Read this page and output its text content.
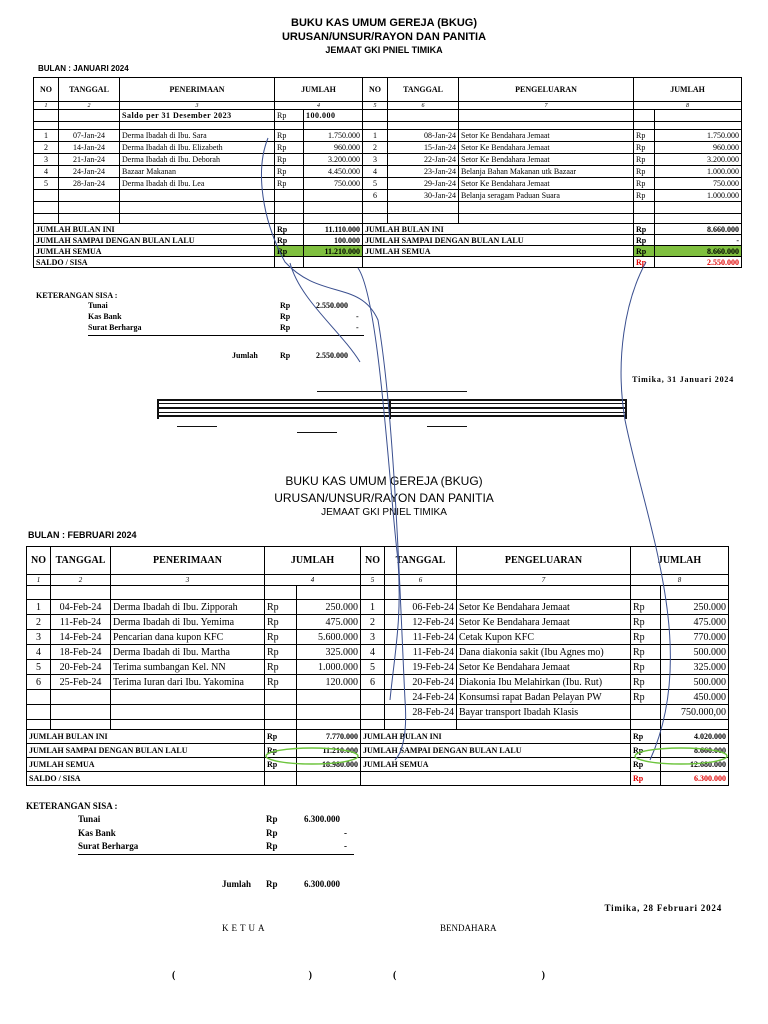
BUKU KAS UMUM GEREJA (BKUG)
URUSAN/UNSUR/RAYON DAN PANITIA
JEMAAT GKI PNIEL TIMIKA
BULAN : JANUARI 2024
NO	TANGGAL	PENERIMAAN	JUMLAH		NO	TANGGAL	PENGELUARAN	JUMLAH	
1	2	3	4		5	6	7	8	
		Saldo per 31 Desember 2023	Rp	100.000					

1	07-Jan-24	Derma Ibadah di Ibu. Sara	Rp	1.750.000	1	08-Jan-24	Setor Ke Bendahara Jemaat	Rp	1.750.000
2	14-Jan-24	Derma Ibadah di Ibu. Elizabeth	Rp	960.000	2	15-Jan-24	Setor Ke Bendahara Jemaat	Rp	960.000
3	21-Jan-24	Derma Ibadah di Ibu. Deborah	Rp	3.200.000	3	22-Jan-24	Setor Ke Bendahara Jemaat	Rp	3.200.000
4	24-Jan-24	Bazaar Makanan	Rp	4.450.000	4	23-Jan-24	Belanja Bahan Makanan utk Bazaar	Rp	1.000.000
5	28-Jan-24	Derma Ibadah di Ibu. Lea	Rp	750.000	5	29-Jan-24	Setor Ke Bendahara Jemaat	Rp	750.000
					6	30-Jan-24	Belanja seragam Paduan Suara	Rp	1.000.000

JUMLAH BULAN INI			Rp	11.110.000	JUMLAH BULAN INI			Rp	8.660.000
JUMLAH SAMPAI DENGAN BULAN LALU			Rp	100.000	JUMLAH SAMPAI DENGAN BULAN LALU			Rp	-
JUMLAH SEMUA			Rp	11.210.000	JUMLAH SEMUA			Rp	8.660.000
SALDO / SISA								Rp	2.550.000
KETERANGAN SISA :
Tunai	Rp	2.550.000
Kas Bank	Rp	-
Surat Berharga	Rp	-
Jumlah	Rp	2.550.000
Timika, 31 Januari 2024
BUKU KAS UMUM GEREJA (BKUG)
URUSAN/UNSUR/RAYON DAN PANITIA
JEMAAT GKI PNIEL TIMIKA
BULAN : FEBRUARI 2024
NO	TANGGAL	PENERIMAAN	JUMLAH		NO	TANGGAL	PENGELUARAN	JUMLAH	
1	2	3	4		5	6	7	8	

1	04-Feb-24	Derma Ibadah di Ibu. Zipporah	Rp	250.000	1	06-Feb-24	Setor Ke Bendahara Jemaat	Rp	250.000
2	11-Feb-24	Derma Ibadah di Ibu. Yemima	Rp	475.000	2	12-Feb-24	Setor Ke Bendahara Jemaat	Rp	475.000
3	14-Feb-24	Pencarian dana kupon KFC	Rp	5.600.000	3	11-Feb-24	Cetak Kupon KFC	Rp	770.000
4	18-Feb-24	Derma Ibadah di Ibu. Martha	Rp	325.000	4	11-Feb-24	Dana diakonia sakit (Ibu Agnes mo)	Rp	500.000
5	20-Feb-24	Terima sumbangan Kel. NN	Rp	1.000.000	5	19-Feb-24	Setor Ke Bendahara Jemaat	Rp	325.000
6	25-Feb-24	Terima Iuran dari Ibu. Yakomina	Rp	120.000	6	20-Feb-24	Diakonia Ibu Melahirkan (Ibu. Rut)	Rp	500.000
						24-Feb-24	Konsumsi rapat Badan Pelayan PW	Rp	450.000
						28-Feb-24	Bayar transport Ibadah Klasis		750.000,00

JUMLAH BULAN INI			Rp	7.770.000	JUMLAH BULAN INI			Rp	4.020.000
JUMLAH SAMPAI DENGAN BULAN LALU			Rp	11.210.000	JUMLAH SAMPAI DENGAN BULAN LALU			Rp	8.660.000
JUMLAH SEMUA			Rp	18.980.000	JUMLAH SEMUA			Rp	12.680.000
SALDO / SISA								Rp	6.300.000
KETERANGAN SISA :
Tunai	Rp	6.300.000
Kas Bank	Rp	-
Surat Berharga	Rp	-
Jumlah Rp	6.300.000
Timika, 28 Februari 2024
KETUA	BENDAHARA
(	)	(	)
